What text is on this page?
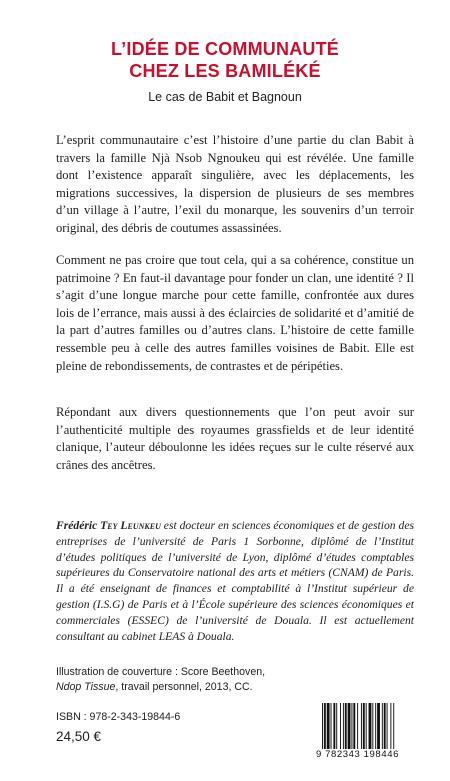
L’IDÉE DE COMMUNAUTÉ
CHEZ LES BAMILÉKÉ
Le cas de Babit et Bagnoun

L’esprit communautaire c’est l’histoire d’une partie du clan Babit à travers la famille Njà Nsob Ngnoukeu qui est révélée. Une famille dont l’existence apparaît singulière, avec les déplacements, les migrations successives, la dispersion de plusieurs de ses membres d’un village à l’autre, l’exil du monarque, les souvenirs d’un terroir original, des débris de coutumes assassinées.

Comment ne pas croire que tout cela, qui a sa cohérence, constitue un patrimoine ? En faut-il davantage pour fonder un clan, une identité ? Il s’agit d’une longue marche pour cette famille, confrontée aux dures lois de l’errance, mais aussi à des éclaircies de solidarité et d’amitié de la part d’autres familles ou d’autres clans. L’histoire de cette famille ressemble peu à celle des autres familles voisines de Babit. Elle est pleine de rebondissements, de contrastes et de péripéties.

Répondant aux divers questionnements que l’on peut avoir sur l’authenticité multiple des royaumes grassfields et de leur identité clanique, l’auteur déboulonne les idées reçues sur le culte réservé aux crânes des ancêtres.

Frédéric Tey Leunkeu est docteur en sciences économiques et de gestion des entreprises de l’université de Paris 1 Sorbonne, diplômé de l’Institut d’études politiques de l’université de Lyon, diplômé d’études comptables supérieures du Conservatoire national des arts et métiers (CNAM) de Paris. Il a été enseignant de finances et comptabilité à l’Institut supérieur de gestion (I.S.G) de Paris et à l’École supérieure des sciences économiques et commerciales (ESSEC) de l’université de Douala. Il est actuellement consultant au cabinet LEAS à Douala.

Illustration de couverture : Score Beethoven,
Ndop Tissue, travail personnel, 2013, CC.
ISBN : 978-2-343-19844-6
24,50 €
9 782343 198446
